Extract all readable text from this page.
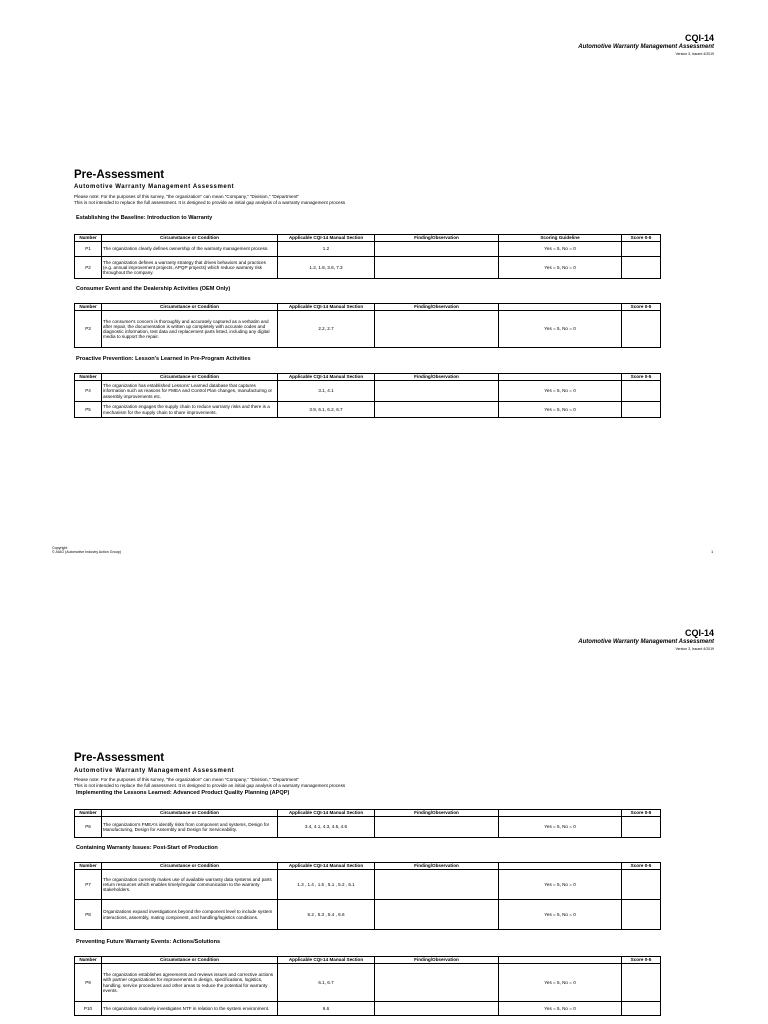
CQI-14
Automotive Warranty Management Assessment
Version 3, Issued 4/2019
Pre-Assessment
Automotive Warranty Management Assessment
Please note: For the purposes of this survey, "the organization" can mean "Company," "Division," "Department"
This is not intended to replace the full assessment. It is designed to provide an initial gap analysis of a warranty management process
Establishing the Baseline: Introduction to Warranty
Number	Circumstance or Condition	Applicable CQI-14 Manual Section	Finding/Observation	Scoring Guideline	Score 0-5
P1	The organization clearly defines ownership of the warranty management process.	1.2		Yes = 5, No = 0	
P2	The organization defines a warranty strategy that drives behaviors and practices (e.g. annual improvement projects, APQP projects) which reduce warranty risk throughout the company.	1.2, 1.8, 3.6, 7.3		Yes = 5, No = 0	
Consumer Event and the Dealership Activities (OEM Only)
Number	Circumstance or Condition	Applicable CQI-14 Manual Section	Finding/Observation		Score 0-5
P3	The consumer's concern is thoroughly and accurately captured as a verbatim and after repair, the documentation is written up completely with accurate codes and diagnostic information, test data and replacement parts listed, including any digital media to support the repair.	2.2, 2.7		Yes = 5, No = 0	
Proactive Prevention: Lesson's Learned in Pre-Program Activities
Number	Circumstance or Condition	Applicable CQI-14 Manual Section	Finding/Observation		Score 0-5
P4	The organization has established Lessons' Learned database that captures information such as reasons for FMEA and Control Plan changes, manufacturing or assembly improvements etc.	3.1, 4.1		Yes = 5, No = 0	
P5	The organization engages the supply chain to reduce warranty risks and there is a mechanism for the supply chain to share improvements.	3.9, 6.1, 6.2, 6.7		Yes = 5, No = 0	
Copyright
© AIAG (Automotive Industry Action Group)	1
CQI-14
Automotive Warranty Management Assessment
Version 3, Issued 4/2019
Pre-Assessment
Automotive Warranty Management Assessment
Please note: For the purposes of this survey, "the organization" can mean "Company," "Division," "Department"
This is not intended to replace the full assessment. It is designed to provide an initial gap analysis of a warranty management process
Implementing the Lessons Learned: Advanced Product Quality Planning (APQP)
Number	Circumstance or Condition	Applicable CQI-14 Manual Section	Finding/Observation		Score 0-5
P6	The organization's FMEA's identify risks from component and systems, Design for Manufacturing, Design for Assembly and Design for Serviceability.	3.4, 4.1, 4.3, 4.5, 4.6		Yes = 5, No = 0	
Containing Warranty Issues: Post-Start of Production
Number	Circumstance or Condition	Applicable CQI-14 Manual Section	Finding/Observation		Score 0-5
P7	The organization currently makes use of available warranty data systems and parts return resources which enables timely/regular communication to the warranty stakeholders.	1.3 , 1.4 , 1.5 , 5.1 , 5.2 , 6.1		Yes = 5, No = 0	
P8	Organizations expand investigations beyond the component level to include system interactions, assembly, mating component, and handling/logistics conditions.	5.2 , 5.3 , 5.4 , 6.6		Yes = 5, No = 0	
Preventing Future Warranty Events: Actions/Solutions
Number	Circumstance or Condition	Applicable CQI-14 Manual Section	Finding/Observation		Score 0-5
P9	The organization establishes agreements and reviews issues and corrective actions with partner organizations for improvements in design, specifications, logistics, handling, service procedures and other areas to reduce the potential for warranty events.	6.1, 6.7		Yes = 5, No = 0	
P10	The organization routinely investigates NTF in relation to the system environment.	6.6		Yes = 5, No = 0	
